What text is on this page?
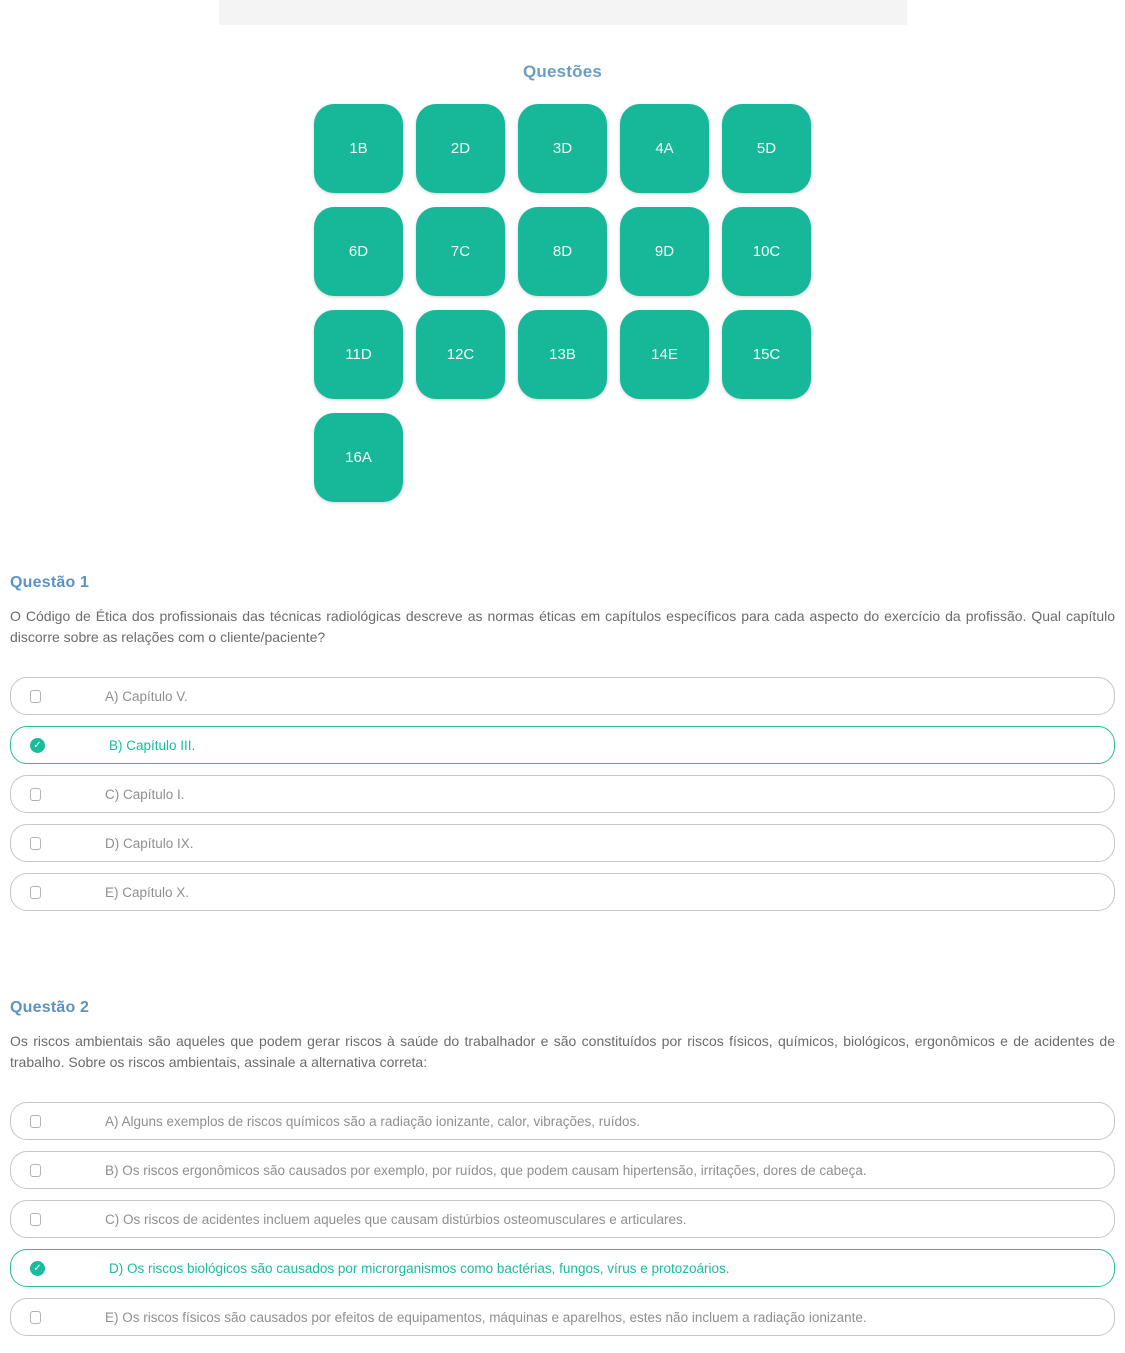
Questões
1B	2D	3D	4A	5D
6D	7C	8D	9D	10C
11D	12C	13B	14E	15C
16A
Questão 1

O Código de Ética dos profissionais das técnicas radiológicas descreve as normas éticas em capítulos específicos para cada aspecto do exercício da profissão. Qual capítulo discorre sobre as relações com o cliente/paciente?

A) Capítulo V.
✓	B) Capítulo III.
C) Capítulo I.
D) Capítulo IX.
E) Capítulo X.
Questão 2

Os riscos ambientais são aqueles que podem gerar riscos à saúde do trabalhador e são constituídos por riscos físicos, químicos, biológicos, ergonômicos e de acidentes de trabalho. Sobre os riscos ambientais, assinale a alternativa correta:

A) Alguns exemplos de riscos químicos são a radiação ionizante, calor, vibrações, ruídos.
B) Os riscos ergonômicos são causados por exemplo, por ruídos, que podem causam hipertensão, irritações, dores de cabeça.
C) Os riscos de acidentes incluem aqueles que causam distúrbios osteomusculares e articulares.
✓	D) Os riscos biológicos são causados por microrganismos como bactérias, fungos, vírus e protozoários.
E) Os riscos físicos são causados por efeitos de equipamentos, máquinas e aparelhos, estes não incluem a radiação ionizante.
